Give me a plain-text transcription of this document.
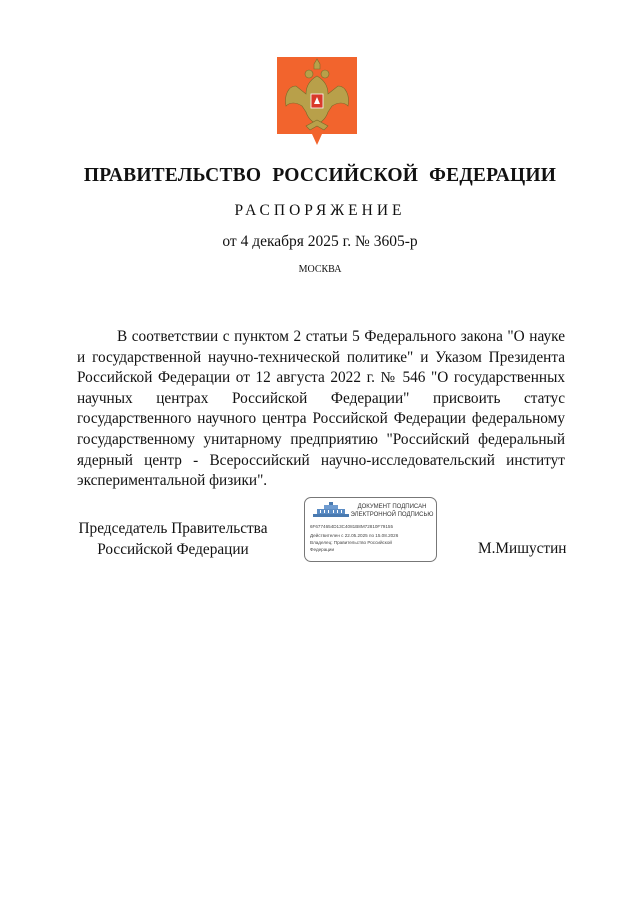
ПРАВИТЕЛЬСТВО РОССИЙСКОЙ ФЕДЕРАЦИИ
РАСПОРЯЖЕНИЕ
от 4 декабря 2025 г. № 3605-р
МОСКВА
В соответствии с пунктом 2 статьи 5 Федерального закона "О науке и государственной научно-технической политике" и Указом Президента Российской Федерации от 12 августа 2022 г. № 546 "О государственных научных центрах Российской Федерации" присвоить статус государственного научного центра Российской Федерации федеральному государственному унитарному предприятию "Российский федеральный ядерный центр - Всероссийский научно-исследовательский институт экспериментальной физики".
Председатель Правительства
Российской Федерации
ДОКУМЕНТ ПОДПИСАН
ЭЛЕКТРОННОЙ ПОДПИСЬЮ
6F6774654D13C4081B8M72810F79155
Действителен с 22.05.2025 по 15.08.2026
Владелец: Правительство Российской
Федерации	М.Мишустин
